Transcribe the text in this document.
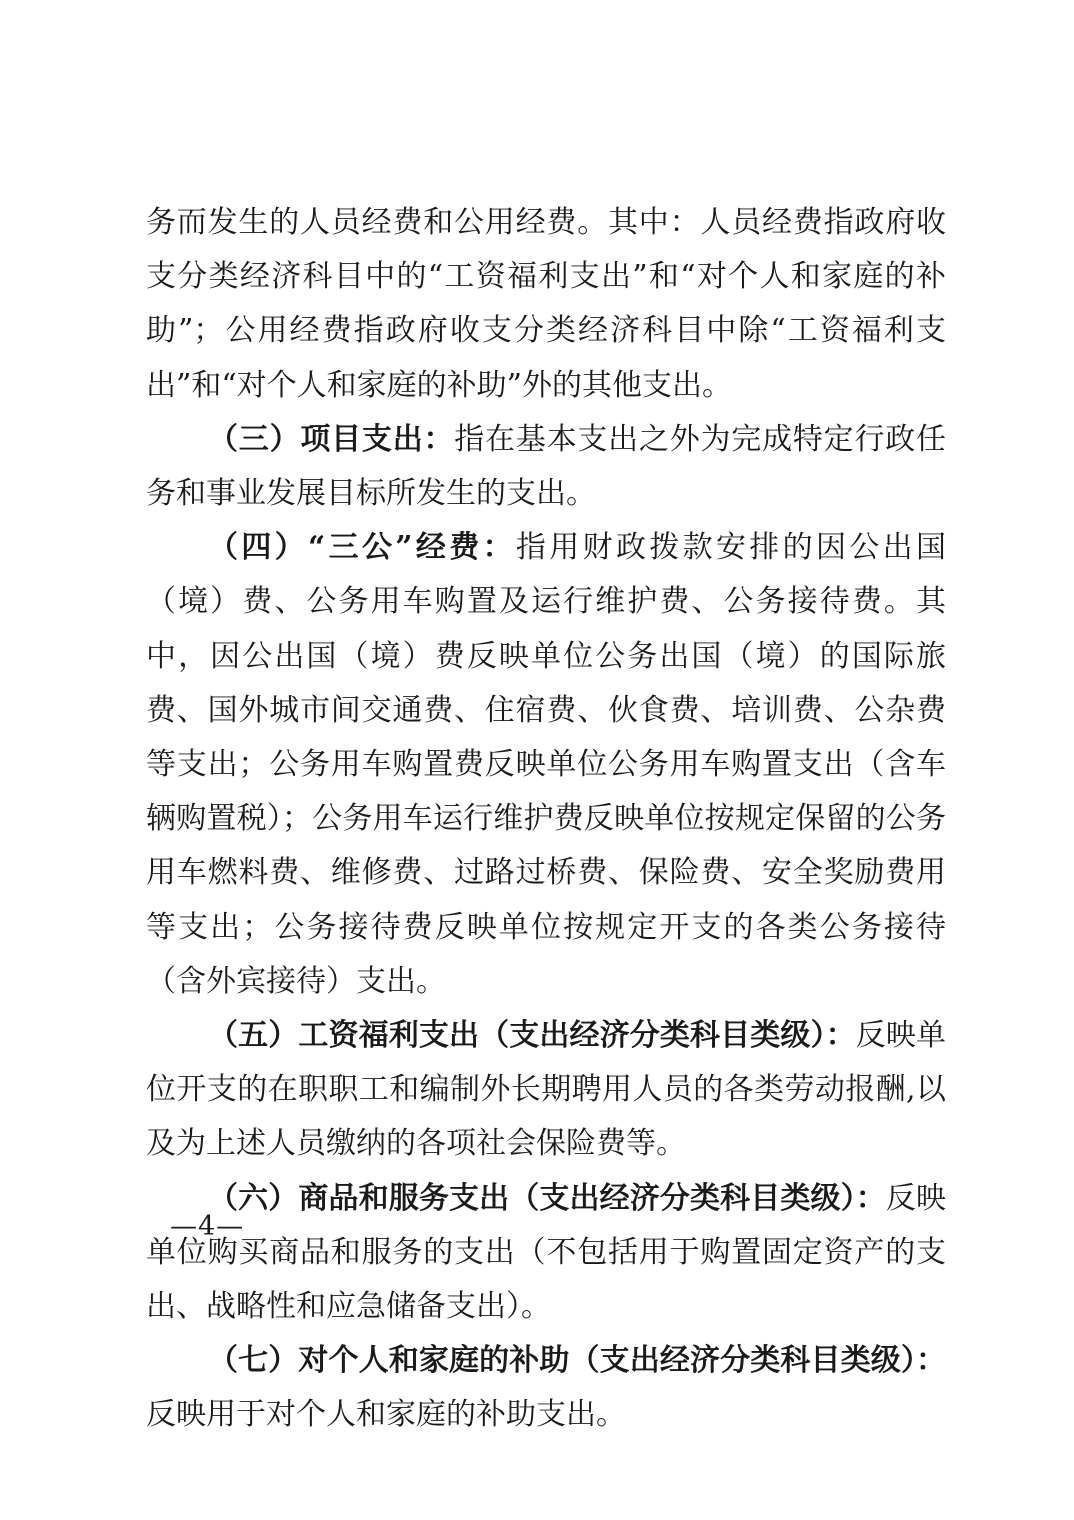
务而发生的人员经费和公用经费。其中：人员经费指政府收支分类经济科目中的“工资福利支出”和“对个人和家庭的补助”；公用经费指政府收支分类经济科目中除“工资福利支出”和“对个人和家庭的补助”外的其他支出。

（三）项目支出：指在基本支出之外为完成特定行政任务和事业发展目标所发生的支出。

（四）“三公”经费：指用财政拨款安排的因公出国（境）费、公务用车购置及运行维护费、公务接待费。其中，因公出国（境）费反映单位公务出国（境）的国际旅费、国外城市间交通费、住宿费、伙食费、培训费、公杂费等支出；公务用车购置费反映单位公务用车购置支出（含车辆购置税）；公务用车运行维护费反映单位按规定保留的公务用车燃料费、维修费、过路过桥费、保险费、安全奖励费用等支出；公务接待费反映单位按规定开支的各类公务接待（含外宾接待）支出。

（五）工资福利支出（支出经济分类科目类级）：反映单位开支的在职职工和编制外长期聘用人员的各类劳动报酬,以及为上述人员缴纳的各项社会保险费等。

（六）商品和服务支出（支出经济分类科目类级）：反映单位购买商品和服务的支出（不包括用于购置固定资产的支出、战略性和应急储备支出）。

（七）对个人和家庭的补助（支出经济分类科目类级）：反映用于对个人和家庭的补助支出。

—4—
